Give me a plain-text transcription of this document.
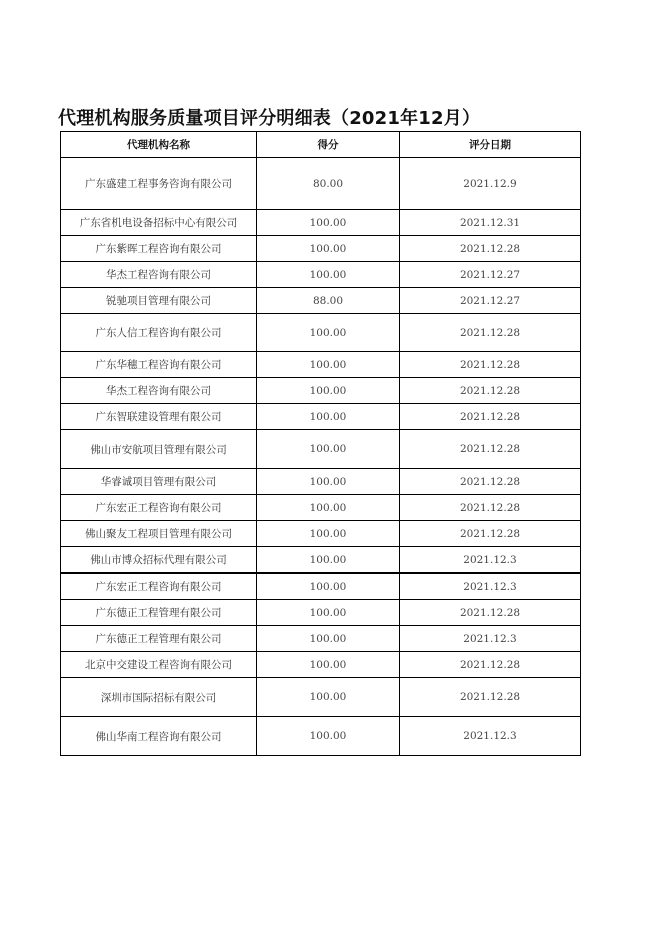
代理机构服务质量项目评分明细表（2021年12月）
代理机构名称	得分	评分日期
广东盛建工程事务咨询有限公司	80.00	2021.12.9
广东省机电设备招标中心有限公司	100.00	2021.12.31
广东紫晖工程咨询有限公司	100.00	2021.12.28
华杰工程咨询有限公司	100.00	2021.12.27
锐驰项目管理有限公司	88.00	2021.12.27
广东人信工程咨询有限公司	100.00	2021.12.28
广东华穗工程咨询有限公司	100.00	2021.12.28
华杰工程咨询有限公司	100.00	2021.12.28
广东智联建设管理有限公司	100.00	2021.12.28
佛山市安航项目管理有限公司	100.00	2021.12.28
华睿诚项目管理有限公司	100.00	2021.12.28
广东宏正工程咨询有限公司	100.00	2021.12.28
佛山聚友工程项目管理有限公司	100.00	2021.12.28
佛山市博众招标代理有限公司	100.00	2021.12.3
广东宏正工程咨询有限公司	100.00	2021.12.3
广东德正工程管理有限公司	100.00	2021.12.28
广东德正工程管理有限公司	100.00	2021.12.3
北京中交建设工程咨询有限公司	100.00	2021.12.28
深圳市国际招标有限公司	100.00	2021.12.28
佛山华南工程咨询有限公司	100.00	2021.12.3
